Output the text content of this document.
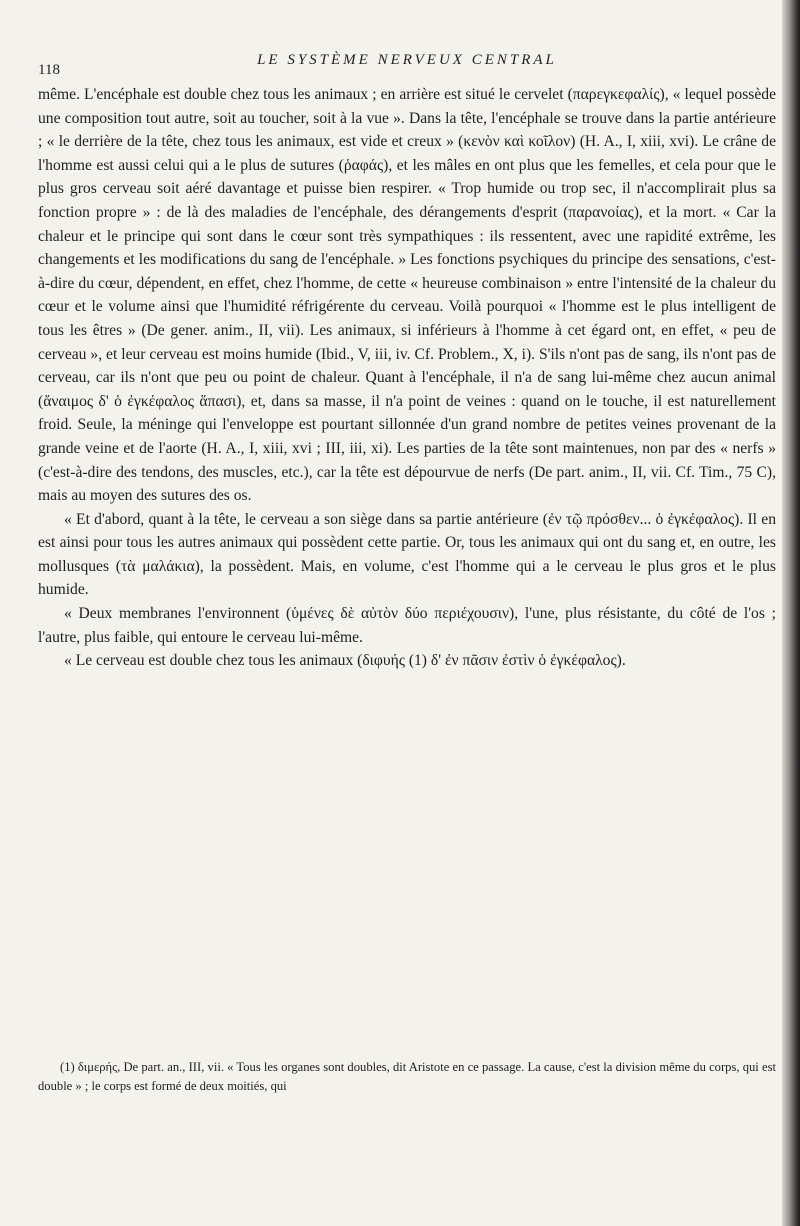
118
LE SYSTÈME NERVEUX CENTRAL

même. L'encéphale est double chez tous les animaux ; en arrière est situé le cervelet (παρεγκεφαλίς), « lequel possède une composition tout autre, soit au toucher, soit à la vue ». Dans la tête, l'encéphale se trouve dans la partie antérieure ; « le derrière de la tête, chez tous les animaux, est vide et creux » (κενὸν καὶ κοῖλον) (H. A., I, xiii, xvi). Le crâne de l'homme est aussi celui qui a le plus de sutures (ῥαφάς), et les mâles en ont plus que les femelles, et cela pour que le plus gros cerveau soit aéré davantage et puisse bien respirer. « Trop humide ou trop sec, il n'accomplirait plus sa fonction propre » : de là des maladies de l'encéphale, des dérangements d'esprit (παρανοίας), et la mort. « Car la chaleur et le principe qui sont dans le cœur sont très sympathiques : ils ressentent, avec une rapidité extrême, les changements et les modifications du sang de l'encéphale. » Les fonctions psychiques du principe des sensations, c'est-à-dire du cœur, dépendent, en effet, chez l'homme, de cette « heureuse combinaison » entre l'intensité de la chaleur du cœur et le volume ainsi que l'humidité réfrigérente du cerveau. Voilà pourquoi « l'homme est le plus intelligent de tous les êtres » (De gener. anim., II, vii). Les animaux, si inférieurs à l'homme à cet égard ont, en effet, « peu de cerveau », et leur cerveau est moins humide (Ibid., V, iii, iv. Cf. Problem., X, i). S'ils n'ont pas de sang, ils n'ont pas de cerveau, car ils n'ont que peu ou point de chaleur. Quant à l'encéphale, il n'a de sang lui-même chez aucun animal (ἄναιμος δ' ὁ ἐγκέφαλος ἅπασι), et, dans sa masse, il n'a point de veines : quand on le touche, il est naturellement froid. Seule, la méninge qui l'enveloppe est pourtant sillonnée d'un grand nombre de petites veines provenant de la grande veine et de l'aorte (H. A., I, xiii, xvi ; III, iii, xi). Les parties de la tête sont maintenues, non par des « nerfs » (c'est-à-dire des tendons, des muscles, etc.), car la tête est dépourvue de nerfs (De part. anim., II, vii. Cf. Tim., 75 C), mais au moyen des sutures des os.

« Et d'abord, quant à la tête, le cerveau a son siège dans sa partie antérieure (ἐν τῷ πρόσθεν... ὁ ἐγκέφαλος). Il en est ainsi pour tous les autres animaux qui possèdent cette partie. Or, tous les animaux qui ont du sang et, en outre, les mollusques (τὰ μαλάκια), la possèdent. Mais, en volume, c'est l'homme qui a le cerveau le plus gros et le plus humide.

« Deux membranes l'environnent (ὑμένες δὲ αὐτὸν δύο περιέχουσιν), l'une, plus résistante, du côté de l'os ; l'autre, plus faible, qui entoure le cerveau lui-même.

« Le cerveau est double chez tous les animaux (διφυής (1) δ' ἐν πᾶσιν ἐστὶν ὁ ἐγκέφαλος).

(1) διμερής, De part. an., III, vii. « Tous les organes sont doubles, dit Aristote en ce passage. La cause, c'est la division même du corps, qui est double » ; le corps est formé de deux moitiés, qui
